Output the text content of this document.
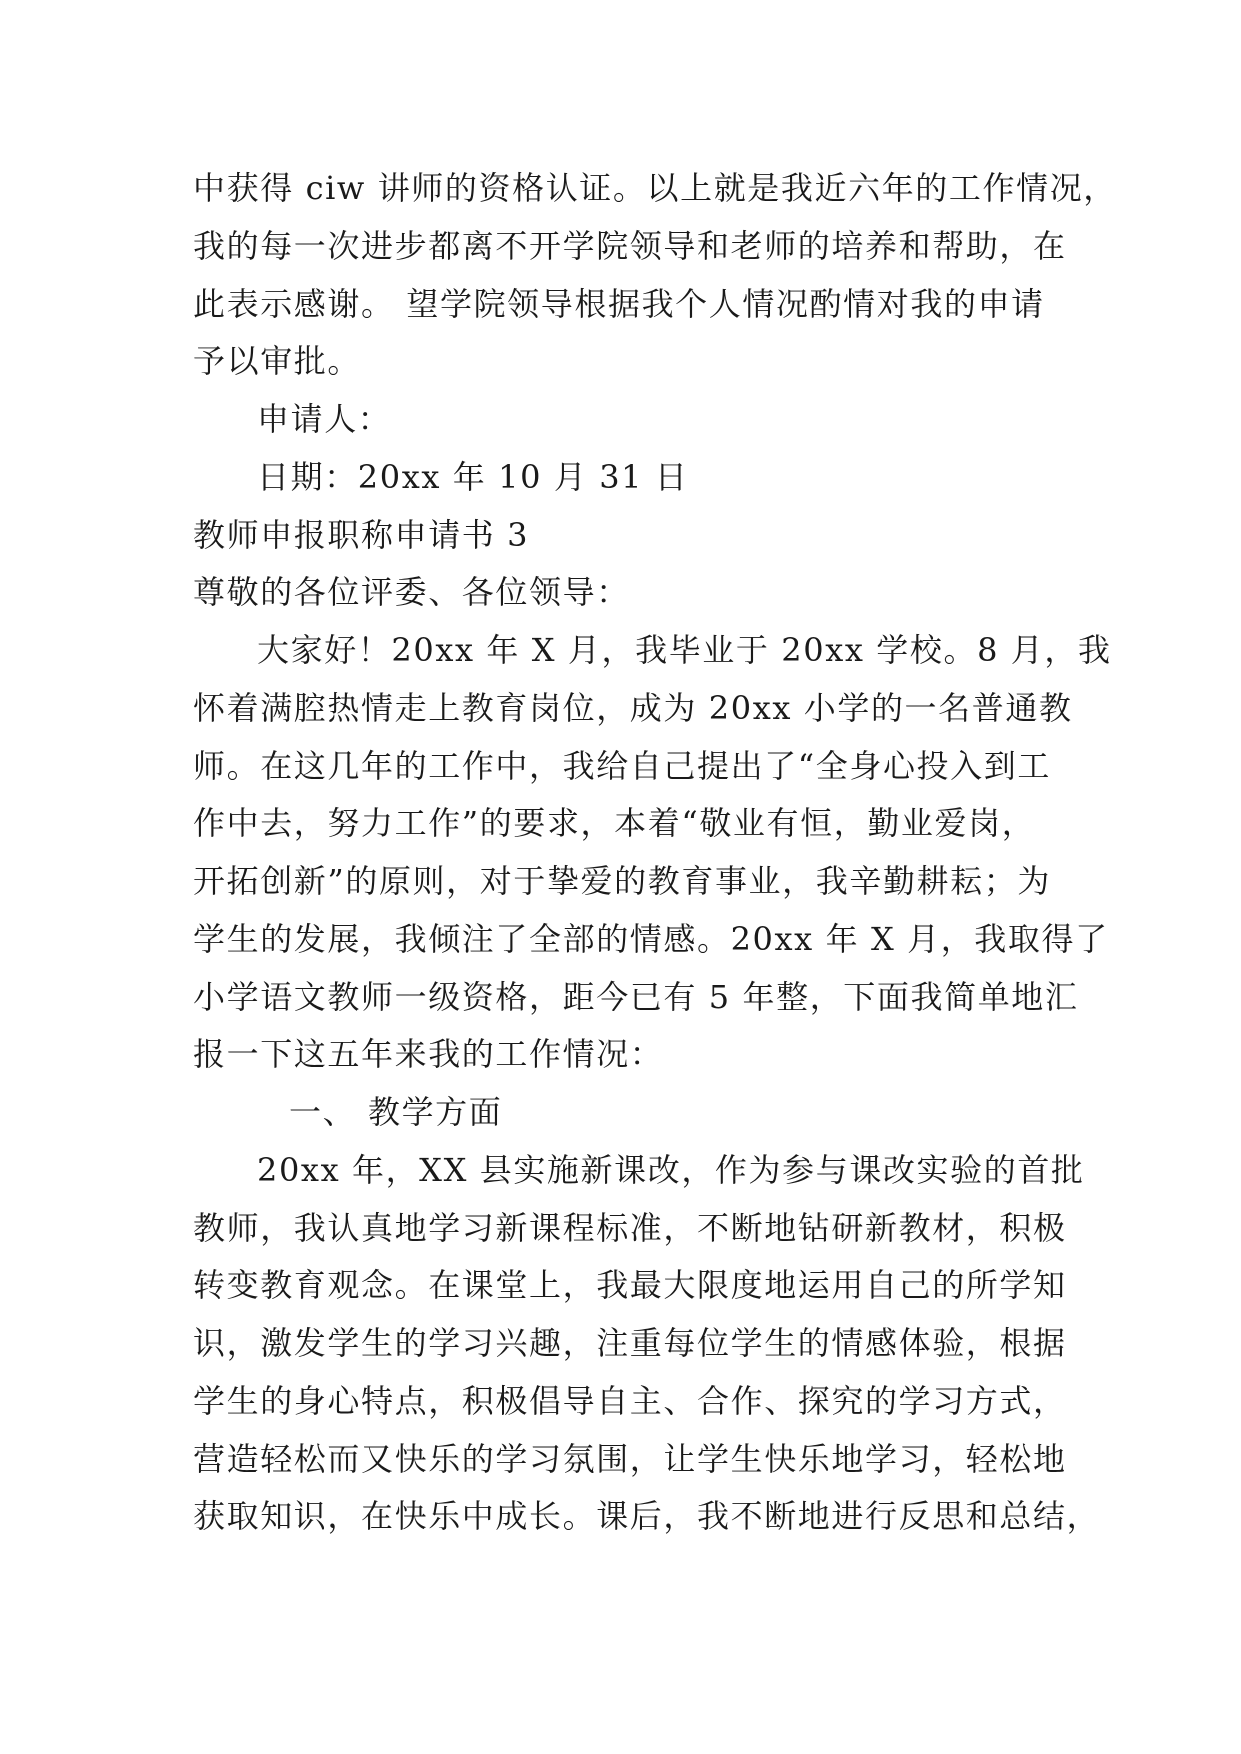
中获得 ciw 讲师的资格认证。以上就是我近六年的工作情况，
我的每一次进步都离不开学院领导和老师的培养和帮助，在
此表示感谢。 望学院领导根据我个人情况酌情对我的申请
予以审批。
申请人：
日期：20xx 年 10 月 31 日
教师申报职称申请书 3
尊敬的各位评委、各位领导：
大家好！20xx 年 X 月，我毕业于 20xx 学校。8 月，我
怀着满腔热情走上教育岗位，成为 20xx 小学的一名普通教
师。在这几年的工作中，我给自己提出了“全身心投入到工
作中去，努力工作”的要求，本着“敬业有恒，勤业爱岗，
开拓创新”的原则，对于挚爱的教育事业，我辛勤耕耘；为
学生的发展，我倾注了全部的情感。20xx 年 X 月，我取得了
小学语文教师一级资格，距今已有 5 年整，下面我简单地汇
报一下这五年来我的工作情况：
一、 教学方面
20xx 年，XX 县实施新课改，作为参与课改实验的首批
教师，我认真地学习新课程标准，不断地钻研新教材，积极
转变教育观念。在课堂上，我最大限度地运用自己的所学知
识，激发学生的学习兴趣，注重每位学生的情感体验，根据
学生的身心特点，积极倡导自主、合作、探究的学习方式，
营造轻松而又快乐的学习氛围，让学生快乐地学习，轻松地
获取知识，在快乐中成长。课后，我不断地进行反思和总结，
